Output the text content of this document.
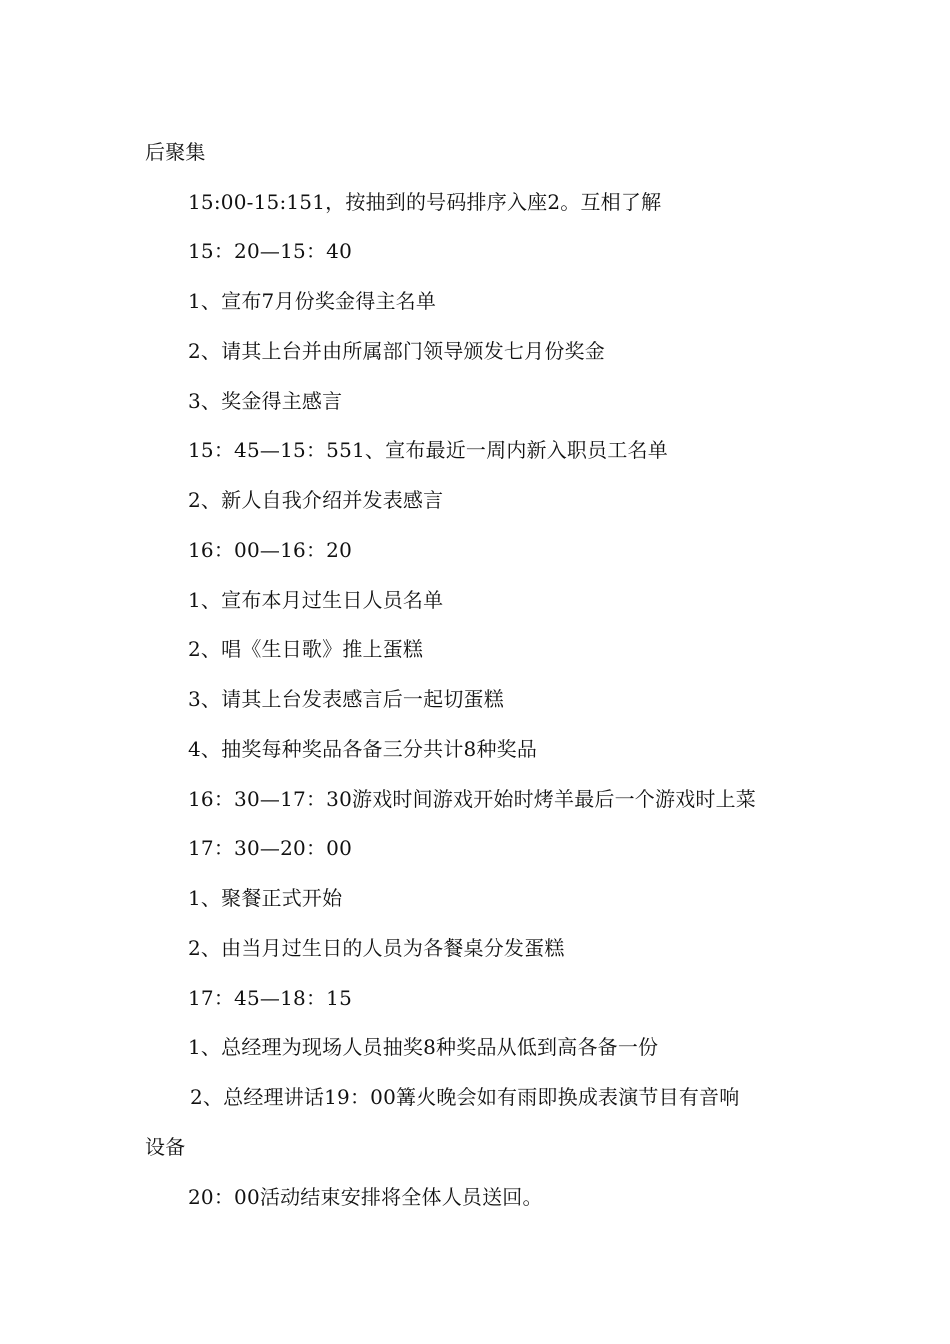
后聚集
15:00-15:151，按抽到的号码排序入座2。互相了解
15：20—15：40
1、宣布7月份奖金得主名单
2、请其上台并由所属部门领导颁发七月份奖金
3、奖金得主感言
15：45—15：551、宣布最近一周内新入职员工名单
2、新人自我介绍并发表感言
16：00—16：20
1、宣布本月过生日人员名单
2、唱《生日歌》推上蛋糕
3、请其上台发表感言后一起切蛋糕
4、抽奖每种奖品各备三分共计8种奖品
16：30—17：30游戏时间游戏开始时烤羊最后一个游戏时上菜
17：30—20：00
1、聚餐正式开始
2、由当月过生日的人员为各餐桌分发蛋糕
17：45—18：15
1、总经理为现场人员抽奖8种奖品从低到高各备一份
2、总经理讲话19：00篝火晚会如有雨即换成表演节目有音响
设备
20：00活动结束安排将全体人员送回。
